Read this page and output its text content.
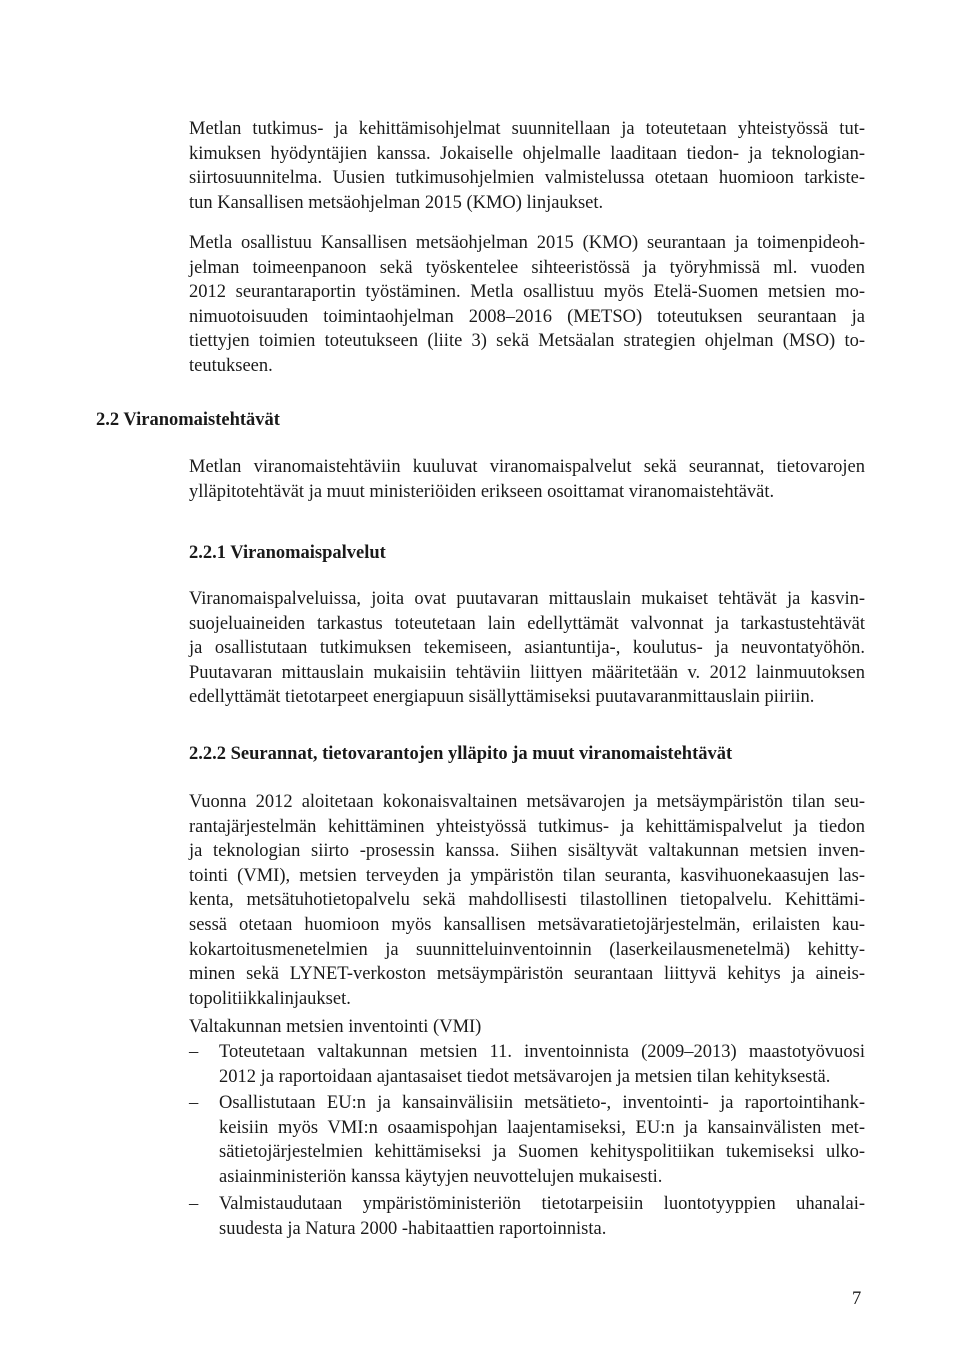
Metlan tutkimus- ja kehittämisohjelmat suunnitellaan ja toteutetaan yhteistyössä tut-
kimuksen hyödyntäjien kanssa. Jokaiselle ohjelmalle laaditaan tiedon- ja teknologian-
siirtosuunnitelma. Uusien tutkimusohjelmien valmistelussa otetaan huomioon tarkiste-
tun Kansallisen metsäohjelman 2015 (KMO) linjaukset.
Metla osallistuu Kansallisen metsäohjelman 2015 (KMO) seurantaan ja toimenpideoh-
jelman toimeenpanoon sekä työskentelee sihteeristössä ja työryhmissä ml. vuoden
2012 seurantaraportin työstäminen. Metla osallistuu myös Etelä-Suomen metsien mo-
nimuotoisuuden toimintaohjelman 2008–2016 (METSO) toteutuksen seurantaan ja
tiettyjen toimien toteutukseen (liite 3) sekä Metsäalan strategien ohjelman (MSO) to-
teutukseen.
2.2 Viranomaistehtävät
Metlan viranomaistehtäviin kuuluvat viranomaispalvelut sekä seurannat, tietovarojen
ylläpitotehtävät ja muut ministeriöiden erikseen osoittamat viranomaistehtävät.
2.2.1 Viranomaispalvelut
Viranomaispalveluissa, joita ovat puutavaran mittauslain mukaiset tehtävät ja kasvin-
suojeluaineiden tarkastus toteutetaan lain edellyttämät valvonnat ja tarkastustehtävät
ja osallistutaan tutkimuksen tekemiseen, asiantuntija-, koulutus- ja neuvontatyöhön.
Puutavaran mittauslain mukaisiin tehtäviin liittyen määritetään v. 2012 lainmuutoksen
edellyttämät tietotarpeet energiapuun sisällyttämiseksi puutavaranmittauslain piiriin.
2.2.2 Seurannat, tietovarantojen ylläpito ja muut viranomaistehtävät
Vuonna 2012 aloitetaan kokonaisvaltainen metsävarojen ja metsäympäristön tilan seu-
rantajärjestelmän kehittäminen yhteistyössä tutkimus- ja kehittämispalvelut ja tiedon
ja teknologian siirto -prosessin kanssa. Siihen sisältyvät valtakunnan metsien inven-
tointi (VMI), metsien terveyden ja ympäristön tilan seuranta, kasvihuonekaasujen las-
kenta, metsätuhotietopalvelu sekä mahdollisesti tilastollinen tietopalvelu. Kehittämi-
sessä otetaan huomioon myös kansallisen metsävaratietojärjestelmän, erilaisten kau-
kokartoitusmenetelmien ja suunnitteluinventoinnin (laserkeilausmenetelmä) kehitty-
minen sekä LYNET-verkoston metsäympäristön seurantaan liittyvä kehitys ja aineis-
topolitiikkalinjaukset.
Valtakunnan metsien inventointi (VMI)
– Toteutetaan valtakunnan metsien 11. inventoinnista (2009–2013) maastotyövuosi
2012 ja raportoidaan ajantasaiset tiedot metsävarojen ja metsien tilan kehityksestä.
– Osallistutaan EU:n ja kansainvälisiin metsätieto-, inventointi- ja raportointihank-
keisiin myös VMI:n osaamispohjan laajentamiseksi, EU:n ja kansainvälisten met-
sätietojärjestelmien kehittämiseksi ja Suomen kehityspolitiikan tukemiseksi ulko-
asiainministeriön kanssa käytyjen neuvottelujen mukaisesti.
– Valmistaudutaan ympäristöministeriön tietotarpeisiin luontotyyppien uhanalai-
suudesta ja Natura 2000 -habitaattien raportoinnista.
7
